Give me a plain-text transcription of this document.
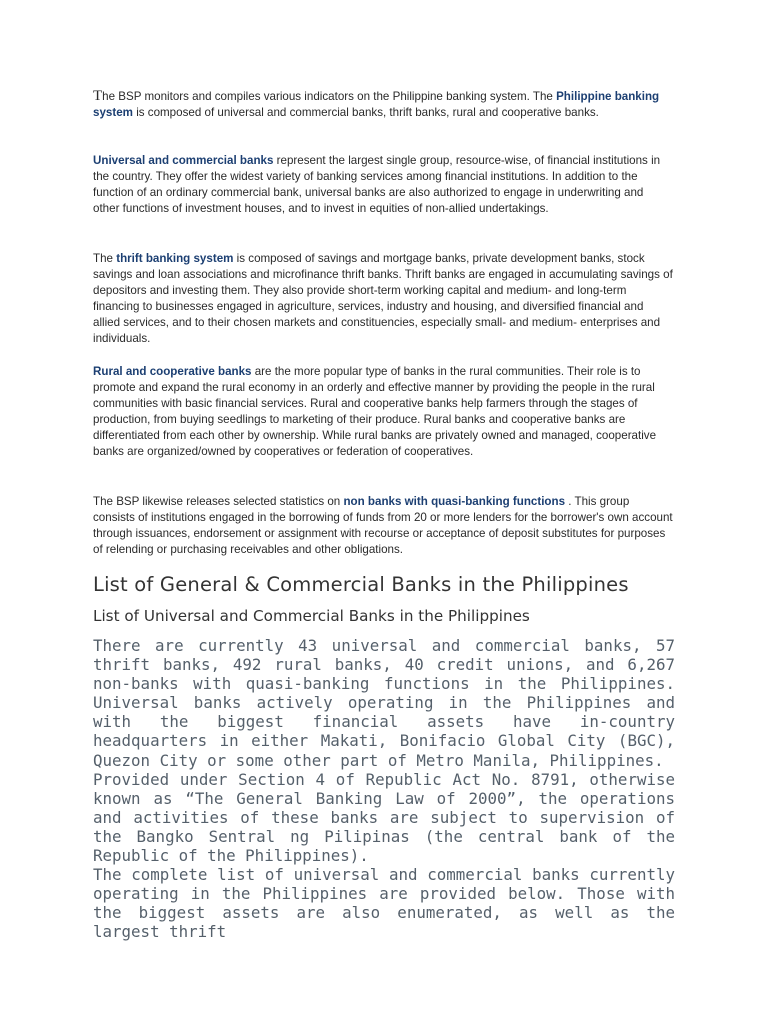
The BSP monitors and compiles various indicators on the Philippine banking system. The Philippine banking system is composed of universal and commercial banks, thrift banks, rural and cooperative banks.

Universal and commercial banks represent the largest single group, resource-wise, of financial institutions in the country. They offer the widest variety of banking services among financial institutions. In addition to the function of an ordinary commercial bank, universal banks are also authorized to engage in underwriting and other functions of investment houses, and to invest in equities of non-allied undertakings.

The thrift banking system is composed of savings and mortgage banks, private development banks, stock savings and loan associations and microfinance thrift banks. Thrift banks are engaged in accumulating savings of depositors and investing them. They also provide short-term working capital and medium- and long-term financing to businesses engaged in agriculture, services, industry and housing, and diversified financial and allied services, and to their chosen markets and constituencies, especially small- and medium- enterprises and individuals.

Rural and cooperative banks are the more popular type of banks in the rural communities. Their role is to promote and expand the rural economy in an orderly and effective manner by providing the people in the rural communities with basic financial services. Rural and cooperative banks help farmers through the stages of production, from buying seedlings to marketing of their produce. Rural banks and cooperative banks are differentiated from each other by ownership. While rural banks are privately owned and managed, cooperative banks are organized/owned by cooperatives or federation of cooperatives.

The BSP likewise releases selected statistics on non banks with quasi-banking functions . This group consists of institutions engaged in the borrowing of funds from 20 or more lenders for the borrower's own account through issuances, endorsement or assignment with recourse or acceptance of deposit substitutes for purposes of relending or purchasing receivables and other obligations.

List of General & Commercial Banks in the Philippines
List of Universal and Commercial Banks in the Philippines

There are currently 43 universal and commercial banks, 57 thrift banks, 492 rural banks, 40 credit unions, and 6,267 non-banks with quasi-banking functions in the Philippines. Universal banks actively operating in the Philippines and with the biggest financial assets have in-country headquarters in either Makati, Bonifacio Global City (BGC), Quezon City or some other part of Metro Manila, Philippines.

Provided under Section 4 of Republic Act No. 8791, otherwise known as “The General Banking Law of 2000”, the operations and activities of these banks are subject to supervision of the Bangko Sentral ng Pilipinas (the central bank of the Republic of the Philippines).

The complete list of universal and commercial banks currently operating in the Philippines are provided below. Those with the biggest assets are also enumerated, as well as the largest thrift
